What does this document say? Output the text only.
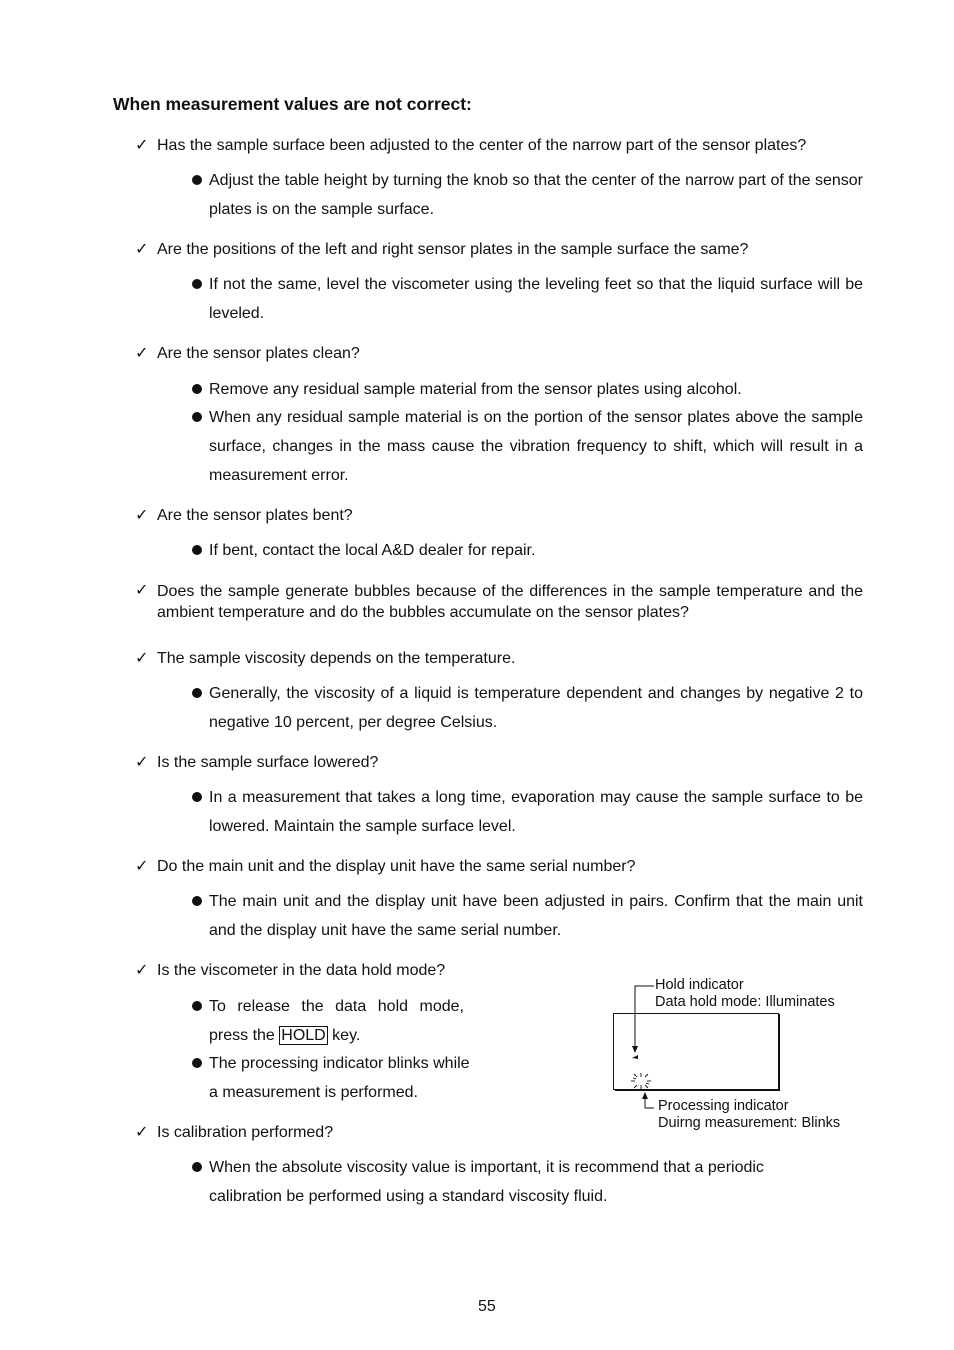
When measurement values are not correct:
✓ Has the sample surface been adjusted to the center of the narrow part of the sensor plates?
Adjust the table height by turning the knob so that the center of the narrow part of the sensor plates is on the sample surface.
✓ Are the positions of the left and right sensor plates in the sample surface the same?
If not the same, level the viscometer using the leveling feet so that the liquid surface will be leveled.
✓ Are the sensor plates clean?
Remove any residual sample material from the sensor plates using alcohol.
When any residual sample material is on the portion of the sensor plates above the sample surface, changes in the mass cause the vibration frequency to shift, which will result in a measurement error.
✓ Are the sensor plates bent?
If bent, contact the local A&D dealer for repair.
✓ Does the sample generate bubbles because of the differences in the sample temperature and the ambient temperature and do the bubbles accumulate on the sensor plates?
✓ The sample viscosity depends on the temperature.
Generally, the viscosity of a liquid is temperature dependent and changes by negative 2 to negative 10 percent, per degree Celsius.
✓ Is the sample surface lowered?
In a measurement that takes a long time, evaporation may cause the sample surface to be lowered. Maintain the sample surface level.
✓ Do the main unit and the display unit have the same serial number?
The main unit and the display unit have been adjusted in pairs. Confirm that the main unit and the display unit have the same serial number.
✓ Is the viscometer in the data hold mode?
To release the data hold mode, press the HOLD key.
The processing indicator blinks while a measurement is performed.
Hold indicator
Data hold mode: Illuminates
Processing indicator
Duirng measurement: Blinks
✓ Is calibration performed?
When the absolute viscosity value is important, it is recommend that a periodic calibration be performed using a standard viscosity fluid.
55
